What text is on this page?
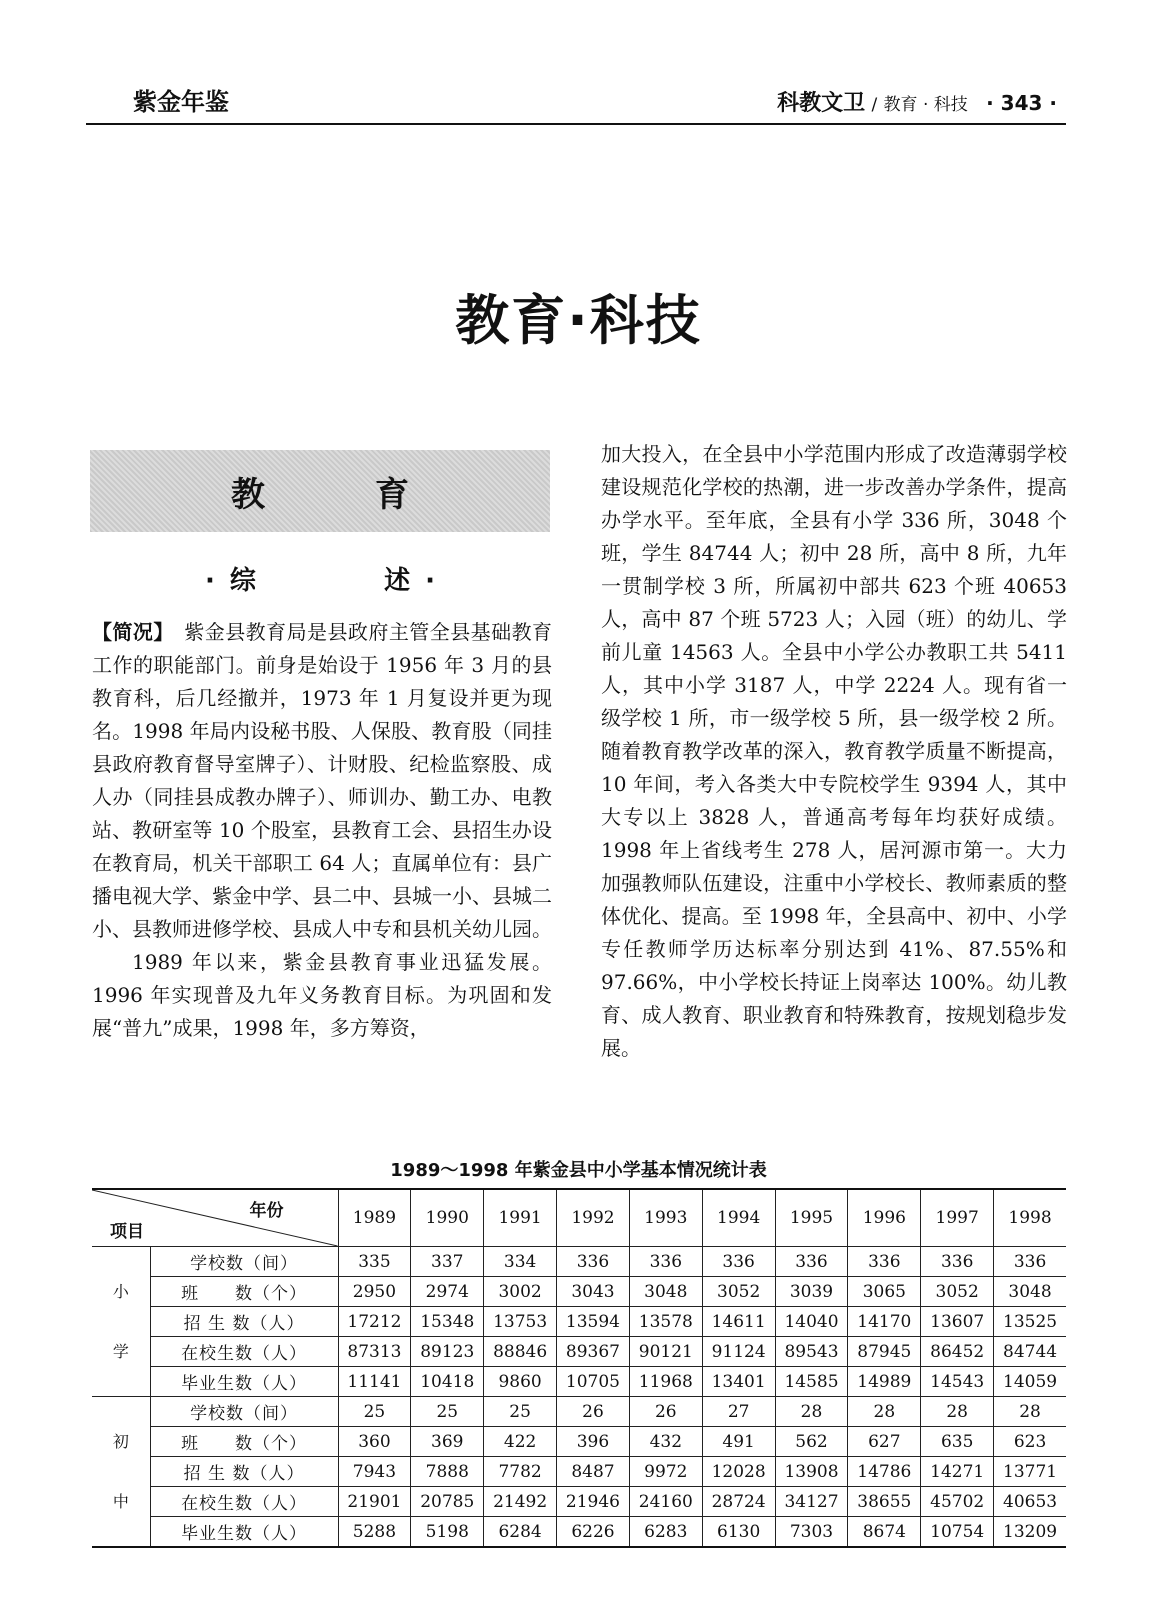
紫金年鉴	科教文卫 / 教育 · 科技 · 343 ·
教育·科技
教育
· 综	述 ·

【简况】　 紫金县教育局是县政府主管全县基础教育工作的职能部门。前身是始设于 1956 年 3 月的县教育科，后几经撤并，1973 年 1 月复设并更为现名。1998 年局内设秘书股、人保股、教育股（同挂县政府教育督导室牌子）、计财股、纪检监察股、成人办（同挂县成教办牌子）、师训办、勤工办、电教站、教研室等 10 个股室，县教育工会、县招生办设在教育局，机关干部职工 64 人；直属单位有：县广播电视大学、紫金中学、县二中、县城一小、县城二小、县教师进修学校、县成人中专和县机关幼儿园。

1989 年以来，紫金县教育事业迅猛发展。1996 年实现普及九年义务教育目标。为巩固和发展“普九”成果，1998 年，多方筹资，

加大投入，在全县中小学范围内形成了改造薄弱学校建设规范化学校的热潮，进一步改善办学条件，提高办学水平。至年底，全县有小学 336 所，3048 个班，学生 84744 人；初中 28 所，高中 8 所，九年一贯制学校 3 所，所属初中部共 623 个班 40653 人，高中 87 个班 5723 人；入园（班）的幼儿、学前儿童 14563 人。全县中小学公办教职工共 5411 人，其中小学 3187 人，中学 2224 人。现有省一级学校 1 所，市一级学校 5 所，县一级学校 2 所。随着教育教学改革的深入，教育教学质量不断提高，10 年间，考入各类大中专院校学生 9394 人，其中大专以上 3828 人，普通高考每年均获好成绩。1998 年上省线考生 278 人，居河源市第一。大力加强教师队伍建设，注重中小学校长、教师素质的整体优化、提高。至 1998 年，全县高中、初中、小学专任教师学历达标率分别达到 41%、87.55%和 97.66%，中小学校长持证上岗率达 100%。幼儿教育、成人教育、职业教育和特殊教育，按规划稳步发展。

1989～1998 年紫金县中小学基本情况统计表
年份
项目		1989	1990	1991	1992	1993	1994	1995	1996	1997	1998

小
学	学校数（间）	335	337	334	336	336	336	336	336	336	336
	班　　数（个）	2950	2974	3002	3043	3048	3052	3039	3065	3052	3048
	招 生 数（人）	17212	15348	13753	13594	13578	14611	14040	14170	13607	13525
	在校生数（人）	87313	89123	88846	89367	90121	91124	89543	87945	86452	84744
	毕业生数（人）	11141	10418	9860	10705	11968	13401	14585	14989	14543	14059

初
中	学校数（间）	25	25	25	26	26	27	28	28	28	28
	班　　数（个）	360	369	422	396	432	491	562	627	635	623
	招 生 数（人）	7943	7888	7782	8487	9972	12028	13908	14786	14271	13771
	在校生数（人）	21901	20785	21492	21946	24160	28724	34127	38655	45702	40653
	毕业生数（人）	5288	5198	6284	6226	6283	6130	7303	8674	10754	13209
